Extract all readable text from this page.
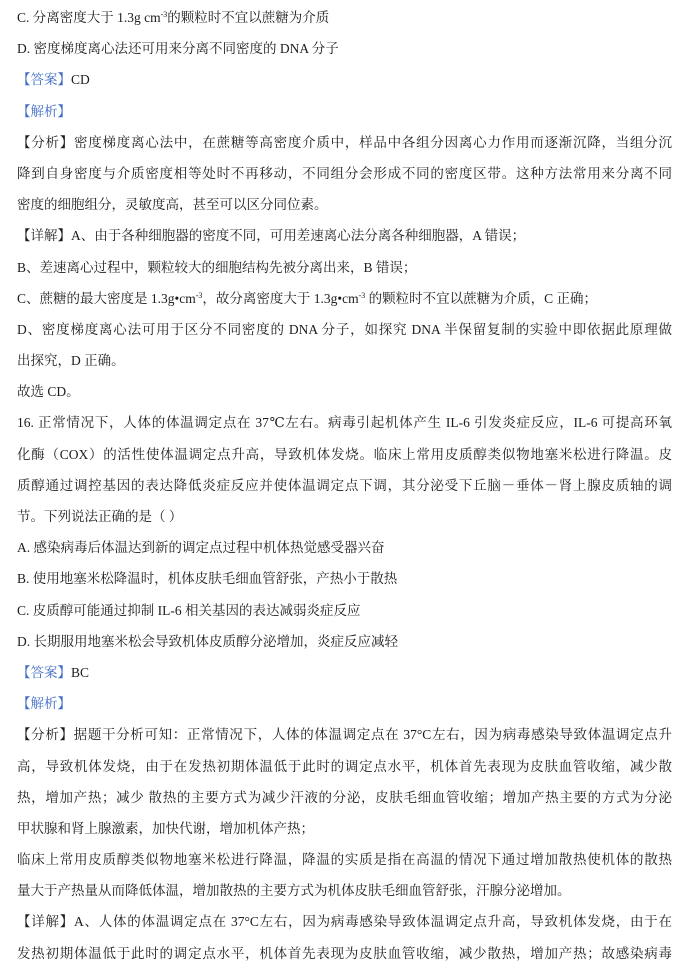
C. 分离密度大于 1.3g $cm^{-3}$的颗粒时不宜以蔗糖为介质
D. 密度梯度离心法还可用来分离不同密度的 DNA 分子
【答案】CD
【解析】
【分析】密度梯度离心法中，在蔗糖等高密度介质中，样品中各组分因离心力作用而逐渐沉降，当组分沉
降到自身密度与介质密度相等处时不再移动，不同组分会形成不同的密度区带。这种方法常用来分离不同
密度的细胞组分，灵敏度高，甚至可以区分同位素。
【详解】A、由于各种细胞器的密度不同，可用差速离心法分离各种细胞器，A 错误；
B、差速离心过程中，颗粒较大的细胞结构先被分离出来，B 错误；
C、蔗糖的最大密度是 $1.3g•cm^{-3}$，故分离密度大于 $1.3g•cm^{-3}$ 的颗粒时不宜以蔗糖为介质，C 正确；
D、密度梯度离心法可用于区分不同密度的 DNA 分子，如探究 DNA 半保留复制的实验中即依据此原理做
出探究，D 正确。
故选 CD。
16. 正常情况下，人体的体温调定点在 37℃左右。病毒引起机体产生 IL-6 引发炎症反应，IL-6 可提高环氧
化酶（COX）的活性使体温调定点升高，导致机体发烧。临床上常用皮质醇类似物地塞米松进行降温。皮
质醇通过调控基因的表达降低炎症反应并使体温调定点下调，其分泌受下丘脑－垂体－肾上腺皮质轴的调
节。下列说法正确的是（ ）
A. 感染病毒后体温达到新的调定点过程中机体热觉感受器兴奋
B. 使用地塞米松降温时，机体皮肤毛细血管舒张，产热小于散热
C. 皮质醇可能通过抑制 IL-6 相关基因的表达减弱炎症反应
D. 长期服用地塞米松会导致机体皮质醇分泌增加，炎症反应减轻
【答案】BC
【解析】
【分析】据题干分析可知：正常情况下，人体的体温调定点在 37°C左右，因为病毒感染导致体温调定点升
高，导致机体发烧，由于在发热初期体温低于此时的调定点水平，机体首先表现为皮肤血管收缩，减少散
热，增加产热；减少 散热的主要方式为减少汗液的分泌，皮肤毛细血管收缩；增加产热主要的方式为分泌
甲状腺和肾上腺激素，加快代谢，增加机体产热；
临床上常用皮质醇类似物地塞米松进行降温，降温的实质是指在高温的情况下通过增加散热使机体的散热
量大于产热量从而降低体温，增加散热的主要方式为机体皮肤毛细血管舒张，汗腺分泌增加。
【详解】A、人体的体温调定点在 37°C左右，因为病毒感染导致体温调定点升高，导致机体发烧，由于在
发热初期体温低于此时的调定点水平，机体首先表现为皮肤血管收缩，减少散热，增加产热；故感染病毒
